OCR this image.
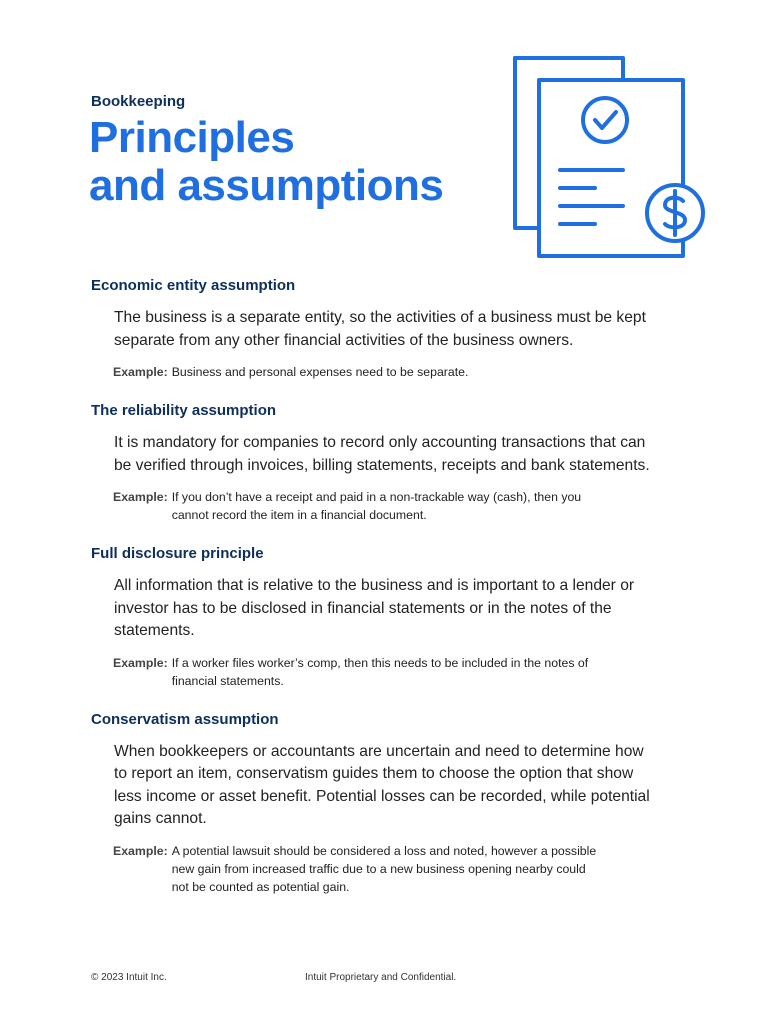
Bookkeeping
Principles
and assumptions
Economic entity assumption

The business is a separate entity, so the activities of a business must be kept separate from any other financial activities of the business owners.

Example: Business and personal expenses need to be separate.
The reliability assumption

It is mandatory for companies to record only accounting transactions that can be verified through invoices, billing statements, receipts and bank statements.

Example: If you don’t have a receipt and paid in a non-trackable way (cash), then you cannot record the item in a financial document.
Full disclosure principle

All information that is relative to the business and is important to a lender or investor has to be disclosed in financial statements or in the notes of the statements.

Example: If a worker files worker’s comp, then this needs to be included in the notes of financial statements.
Conservatism assumption

When bookkeepers or accountants are uncertain and need to determine how to report an item, conservatism guides them to choose the option that show less income or asset benefit. Potential losses can be recorded, while potential gains cannot.

Example: A potential lawsuit should be considered a loss and noted, however a possible new gain from increased traffic due to a new business opening nearby could not be counted as potential gain.
© 2023 Intuit Inc.	Intuit Proprietary and Confidential.
